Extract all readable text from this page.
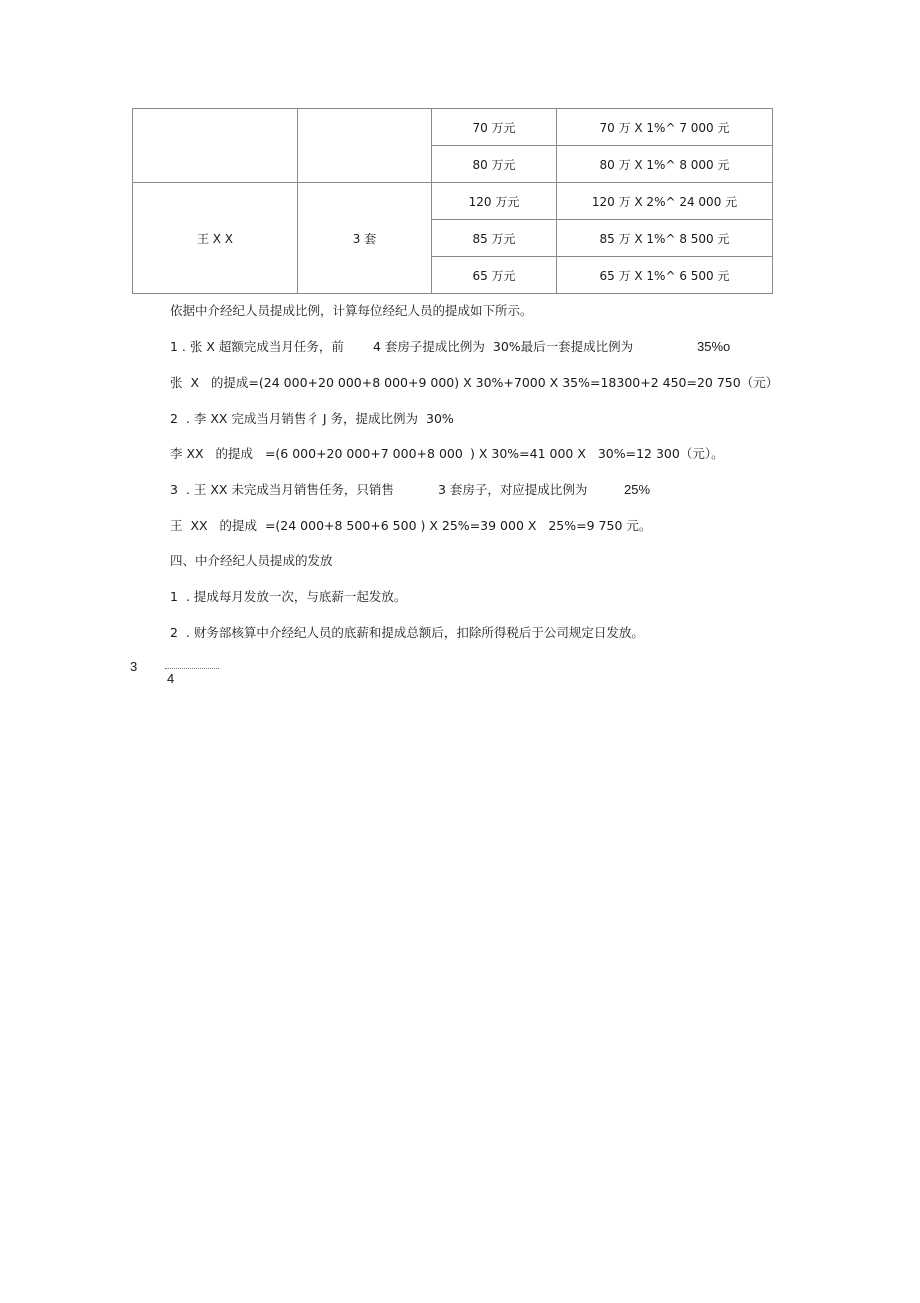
		70 万元	70 万 X 1%^ 7 000 元
		80 万元	80 万 X 1%^ 8 000 元
王 X X	3 套	120 万元	120 万 X 2%^ 24 000 元
		85 万元	85 万 X 1%^ 8 500 元
		65 万元	65 万 X 1%^ 6 500 元
依据中介经纪人员提成比例，计算每位经纪人员的提成如下所示。
1 . 张 X 超额完成当月任务，前 4 套房子提成比例为  30%最后一套提成比例为	35%o
张  X   的提成=(24 000+20 000+8 000+9 000) X 30%+7000 X 35%=18300+2 450=20 750（元）
2  . 李 XX 完成当月销售彳 J 务，提成比例为  30%
李 XX   的提成   =(6 000+20 000+7 000+8 000 ) X 30%=41 000 X   30%=12 300（元）。
3  . 王 XX 未完成当月销售任务，只销售	3 套房子，对应提成比例为	25%
王  XX   的提成  =(24 000+8 500+6 500 ) X 25%=39 000 X   25%=9 750 元。
四、中介经纪人员提成的发放
1  . 提成每月发放一次，与底薪一起发放。
2  . 财务部核算中介经纪人员的底薪和提成总额后，扣除所得税后于公司规定日发放。
3
4
